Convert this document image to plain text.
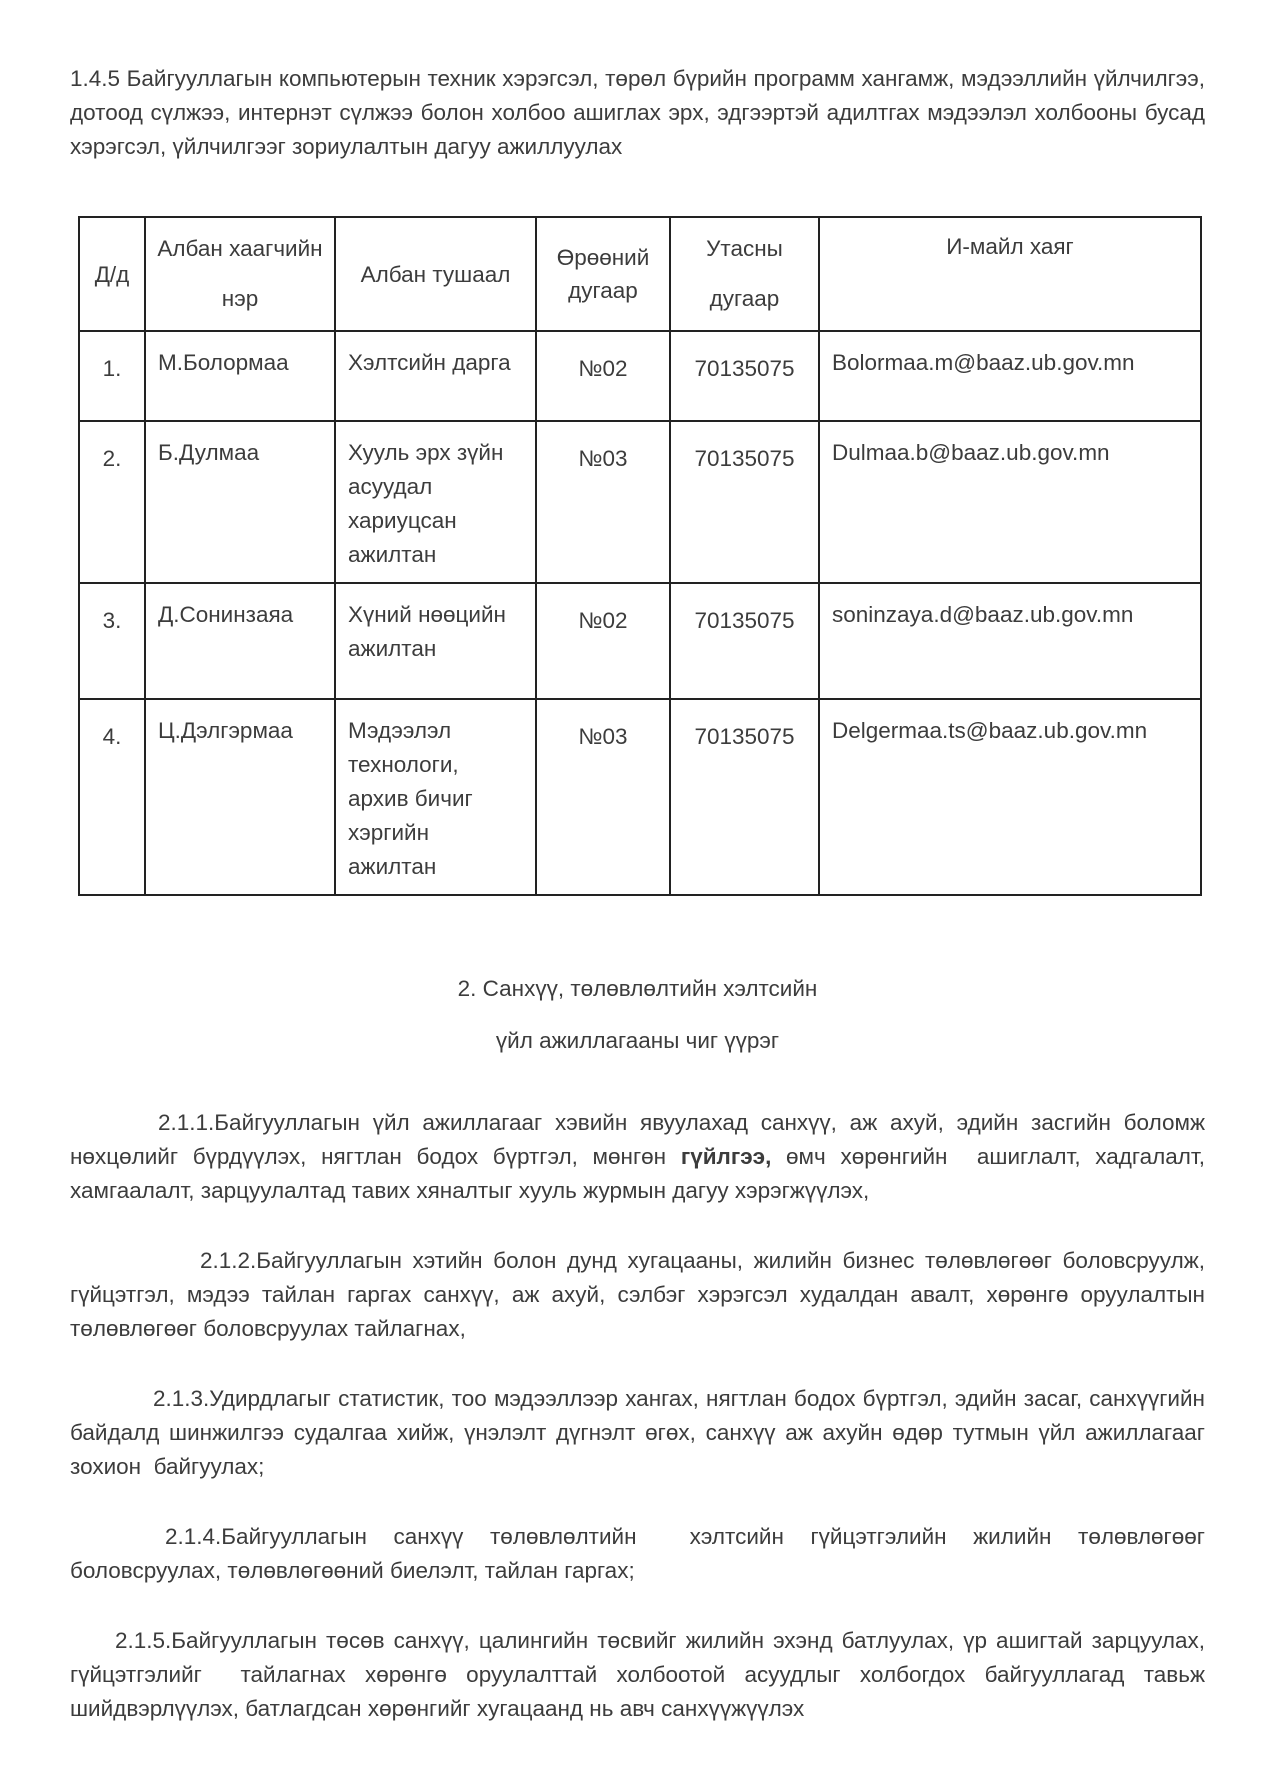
1.4.5 Байгууллагын компьютерын техник хэрэгсэл, төрөл бүрийн программ хангамж, мэдээллийн үйлчилгээ, дотоод сүлжээ, интернэт сүлжээ болон холбоо ашиглах эрх, эдгээртэй адилтгах мэдээлэл холбооны бусад хэрэгсэл, үйлчилгээг зориулалтын дагуу ажиллуулах

Д/д	Албан хаагчийн нэр	Албан тушаал	Өрөөний дугаар	Утасны дугаар	И-майл хаяг
1.	М.Болормаа	Хэлтсийн дарга	№02	70135075	Bolormaa.m@baaz.ub.gov.mn
2.	Б.Дулмаа	Хууль эрх зүйн асуудал хариуцсан ажилтан	№03	70135075	Dulmaa.b@baaz.ub.gov.mn
3.	Д.Сонинзаяа	Хүний нөөцийн ажилтан	№02	70135075	soninzaya.d@baaz.ub.gov.mn
4.	Ц.Дэлгэрмаа	Мэдээлэл технологи, архив бичиг хэргийн ажилтан	№03	70135075	Delgermaa.ts@baaz.ub.gov.mn

2. Санхүү, төлөвлөлтийн хэлтсийн

үйл ажиллагааны чиг үүрэг

2.1.1.Байгууллагын үйл ажиллагааг хэвийн явуулахад санхүү, аж ахуй, эдийн засгийн боломж нөхцөлийг бүрдүүлэх, нягтлан бодох бүртгэл, мөнгөн гүйлгээ, өмч хөрөнгийн  ашиглалт, хадгалалт,  хамгаалалт, зарцуулалтад тавих хяналтыг хууль журмын дагуу хэрэгжүүлэх,

2.1.2.Байгууллагын хэтийн болон дунд хугацааны, жилийн бизнес төлөвлөгөөг боловсруулж, гүйцэтгэл, мэдээ тайлан гаргах санхүү, аж ахуй, сэлбэг хэрэгсэл худалдан авалт, хөрөнгө оруулалтын төлөвлөгөөг боловсруулах тайлагнах,

2.1.3.Удирдлагыг статистик, тоо мэдээллээр хангах, нягтлан бодох бүртгэл, эдийн засаг, санхүүгийн байдалд шинжилгээ судалгаа хийж, үнэлэлт дүгнэлт өгөх, санхүү аж ахуйн өдөр тутмын үйл ажиллагааг зохион  байгуулах;

2.1.4.Байгууллагын санхүү төлөвлөлтийн  хэлтсийн гүйцэтгэлийн жилийн төлөвлөгөөг боловсруулах, төлөвлөгөөний биелэлт, тайлан гаргах;

2.1.5.Байгууллагын төсөв санхүү, цалингийн төсвийг жилийн эхэнд батлуулах, үр ашигтай зарцуулах, гүйцэтгэлийг  тайлагнах хөрөнгө оруулалттай холбоотой асуудлыг холбогдох байгууллагад тавьж шийдвэрлүүлэх, батлагдсан хөрөнгийг хугацаанд нь авч санхүүжүүлэх
